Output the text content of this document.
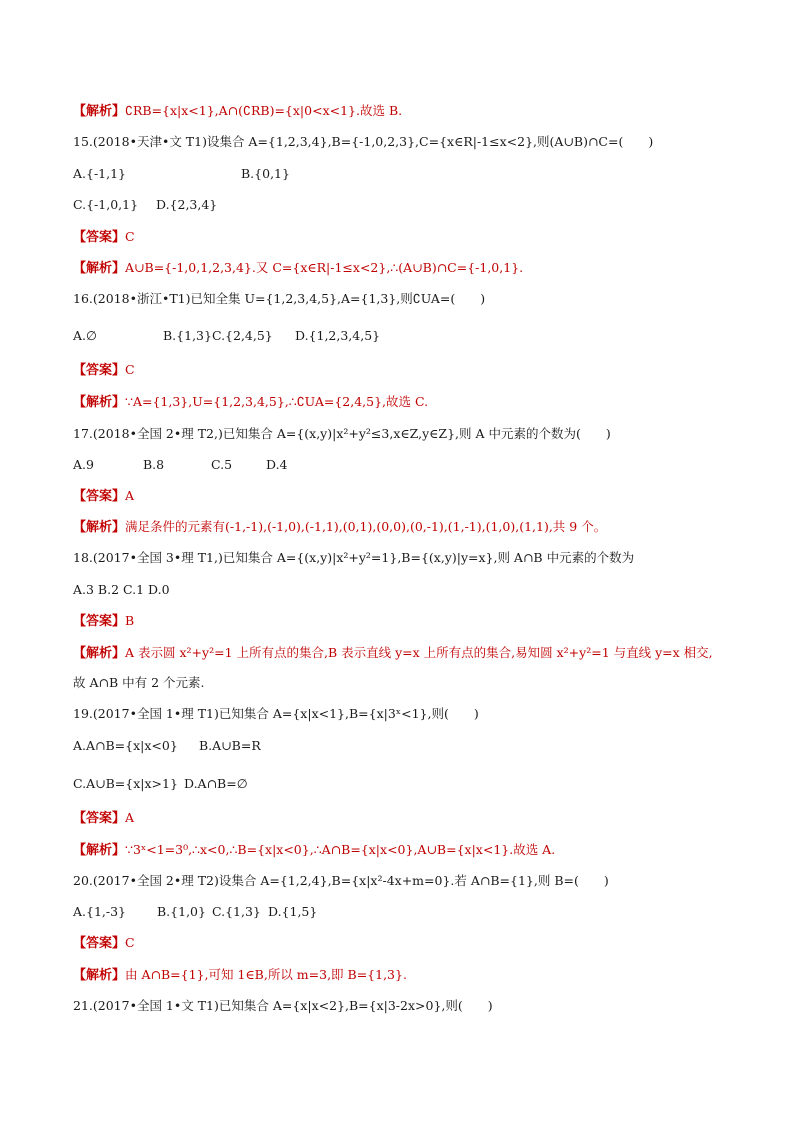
【解析】∁RB={x|x<1},A∩(∁RB)={x|0<x<1}.故选 B.
15.(2018•天津•文 T1)设集合 A={1,2,3,4},B={-1,0,2,3},C={x∈R|-1≤x<2},则(A∪B)∩C=(　　)
A.{-1,1}	B.{0,1}
C.{-1,0,1} D.{2,3,4}
【答案】C
【解析】A∪B={-1,0,1,2,3,4}.又 C={x∈R|-1≤x<2},∴(A∪B)∩C={-1,0,1}.
16.(2018•浙江•T1)已知全集 U={1,2,3,4,5},A={1,3},则∁UA=(　　)
A.∅	B.{1,3}C.{2,4,5} D.{1,2,3,4,5}
【答案】C
【解析】∵A={1,3},U={1,2,3,4,5},∴∁UA={2,4,5},故选 C.
17.(2018•全国 2•理 T2,)已知集合 A={(x,y)|x²+y²≤3,x∈Z,y∈Z},则 A 中元素的个数为(　　)
A.9	B.8	C.5	D.4
【答案】A
【解析】满足条件的元素有(-1,-1),(-1,0),(-1,1),(0,1),(0,0),(0,-1),(1,-1),(1,0),(1,1),共 9 个。
18.(2017•全国 3•理 T1,)已知集合 A={(x,y)|x²+y²=1},B={(x,y)|y=x},则 A∩B 中元素的个数为
A.3 B.2 C.1 D.0
【答案】B
【解析】A 表示圆 x²+y²=1 上所有点的集合,B 表示直线 y=x 上所有点的集合,易知圆 x²+y²=1 与直线 y=x 相交,
故 A∩B 中有 2 个元素.
19.(2017•全国 1•理 T1)已知集合 A={x|x<1},B={x|3ˣ<1},则(　　)
A.A∩B={x|x<0} B.A∪B=R
C.A∪B={x|x>1} D.A∩B=∅
【答案】A
【解析】∵3ˣ<1=3⁰,∴x<0,∴B={x|x<0},∴A∩B={x|x<0},A∪B={x|x<1}.故选 A.
20.(2017•全国 2•理 T2)设集合 A={1,2,4},B={x|x²-4x+m=0}.若 A∩B={1},则 B=(　　)
A.{1,-3} B.{1,0} C.{1,3} D.{1,5}
【答案】C
【解析】由 A∩B={1},可知 1∈B,所以 m=3,即 B={1,3}.
21.(2017•全国 1•文 T1)已知集合 A={x|x<2},B={x|3-2x>0},则(　　)
